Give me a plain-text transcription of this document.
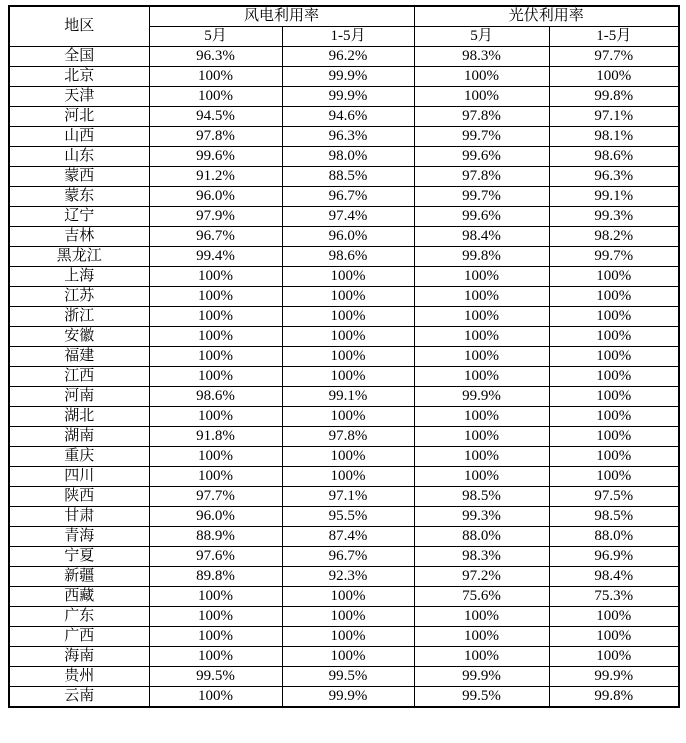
地区	风电利用率		光伏利用率	
	5月	1-5月	5月	1-5月
全国	96.3%	96.2%	98.3%	97.7%
北京	100%	99.9%	100%	100%
天津	100%	99.9%	100%	99.8%
河北	94.5%	94.6%	97.8%	97.1%
山西	97.8%	96.3%	99.7%	98.1%
山东	99.6%	98.0%	99.6%	98.6%
蒙西	91.2%	88.5%	97.8%	96.3%
蒙东	96.0%	96.7%	99.7%	99.1%
辽宁	97.9%	97.4%	99.6%	99.3%
吉林	96.7%	96.0%	98.4%	98.2%
黑龙江	99.4%	98.6%	99.8%	99.7%
上海	100%	100%	100%	100%
江苏	100%	100%	100%	100%
浙江	100%	100%	100%	100%
安徽	100%	100%	100%	100%
福建	100%	100%	100%	100%
江西	100%	100%	100%	100%
河南	98.6%	99.1%	99.9%	100%
湖北	100%	100%	100%	100%
湖南	91.8%	97.8%	100%	100%
重庆	100%	100%	100%	100%
四川	100%	100%	100%	100%
陕西	97.7%	97.1%	98.5%	97.5%
甘肃	96.0%	95.5%	99.3%	98.5%
青海	88.9%	87.4%	88.0%	88.0%
宁夏	97.6%	96.7%	98.3%	96.9%
新疆	89.8%	92.3%	97.2%	98.4%
西藏	100%	100%	75.6%	75.3%
广东	100%	100%	100%	100%
广西	100%	100%	100%	100%
海南	100%	100%	100%	100%
贵州	99.5%	99.5%	99.9%	99.9%
云南	100%	99.9%	99.5%	99.8%
